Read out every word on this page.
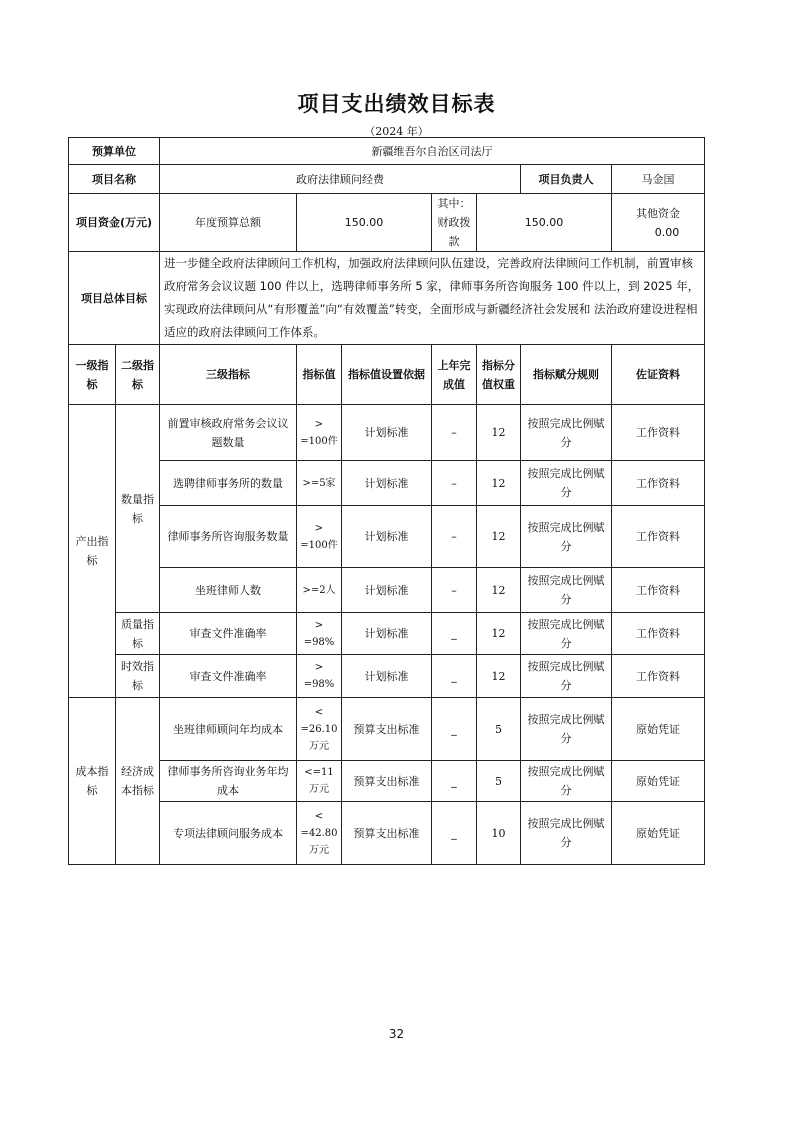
项目支出绩效目标表
（2024 年）
预算单位		新疆维吾尔自治区司法厅						
项目名称		政府法律顾问经费					项目负责人	马金国
项目资金(万元)		年度预算总额	150.00		其中：财政拨款	150.00		其他资金 0.00
项目总体目标		进一步健全政府法律顾问工作机构，加强政府法律顾问队伍建设，完善政府法律顾问工作机制，前置审核政府常务会议议题 100 件以上，选聘律师事务所 5 家，律师事务所咨询服务 100 件以上，到 2025 年，实现政府法律顾问从“有形覆盖”向“有效覆盖”转变，全面形成与新疆经济社会发展和 法治政府建设进程相适应的政府法律顾问工作体系。						
一级指标	二级指标	三级指标	指标值	指标值设置依据	上年完成值	指标分值权重	指标赋分规则	佐证资料
产出指标	数量指标	前置审核政府常务会议议题数量	> =100件	计划标准	–	12	按照完成比例赋分	工作资料
		选聘律师事务所的数量	>=5家	计划标准	–	12	按照完成比例赋分	工作资料
		律师事务所咨询服务数量	> =100件	计划标准	–	12	按照完成比例赋分	工作资料
		坐班律师人数	>=2人	计划标准	–	12	按照完成比例赋分	工作资料
	质量指标	审查文件准确率	> =98%	计划标准	_	12	按照完成比例赋分	工作资料
	时效指标	审查文件准确率	> =98%	计划标准	_	12	按照完成比例赋分	工作资料
成本指标	经济成本指标	坐班律师顾问年均成本	< =26.10万元	预算支出标准	_	5	按照完成比例赋分	原始凭证
		律师事务所咨询业务年均成本	<=11万元	预算支出标准	_	5	按照完成比例赋分	原始凭证
		专项法律顾问服务成本	< =42.80万元	预算支出标准	_	10	按照完成比例赋分	原始凭证
32
